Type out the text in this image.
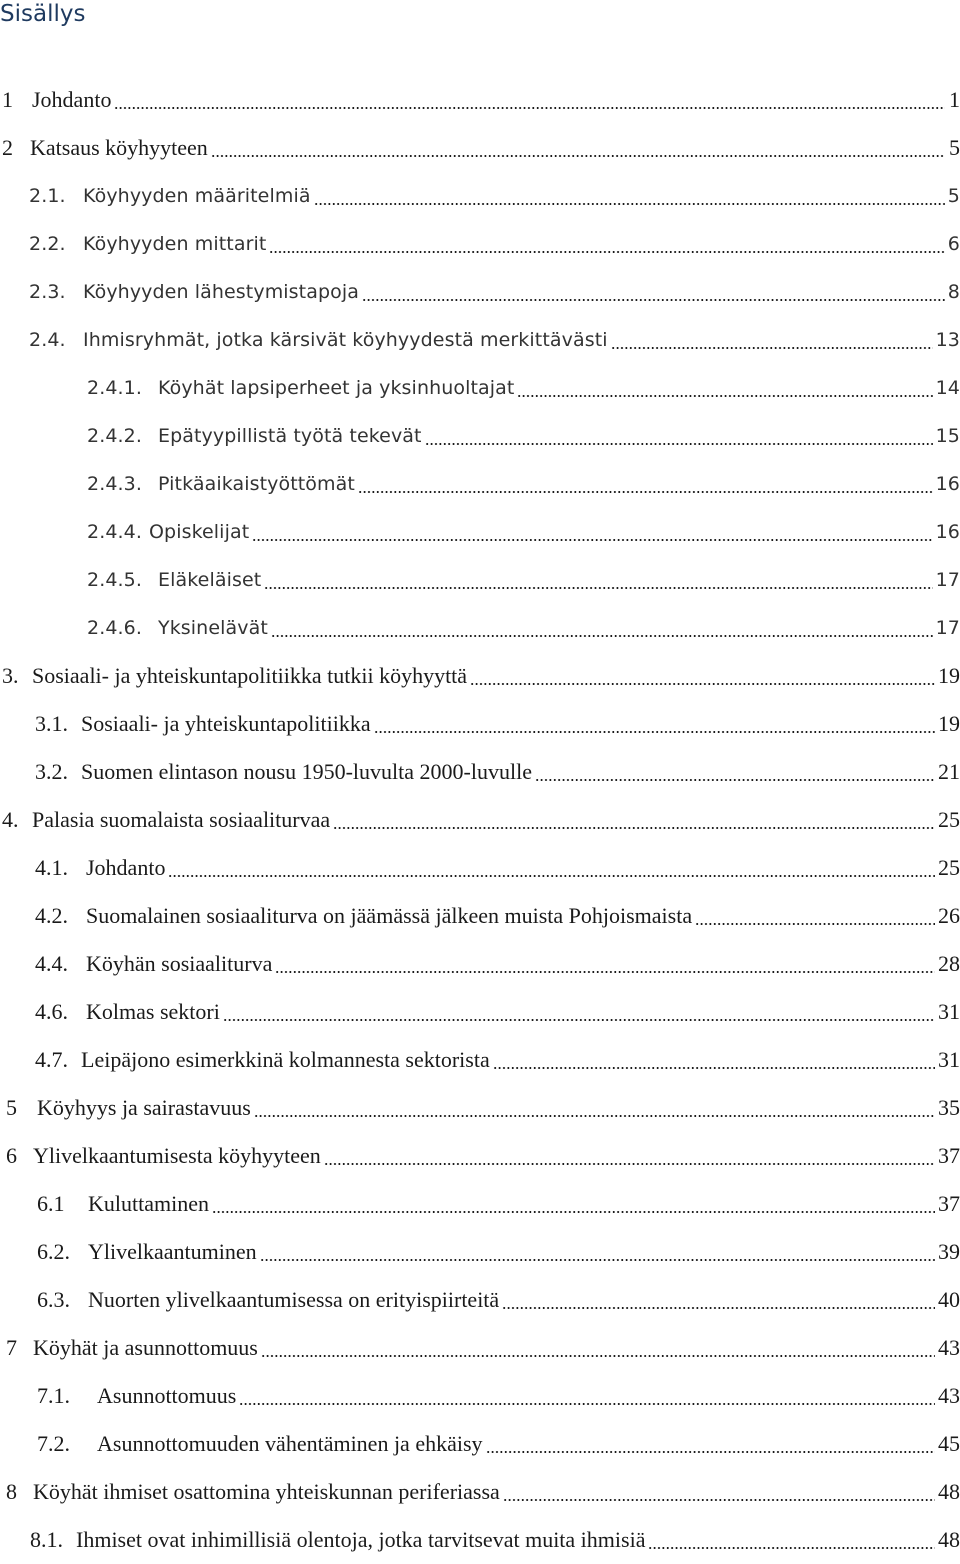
Sisällys
1 Johdanto	1
2 Katsaus köyhyyteen	5
2.1. Köyhyyden määritelmiä	5
2.2. Köyhyyden mittarit	6
2.3. Köyhyyden lähestymistapoja	8
2.4. Ihmisryhmät, jotka kärsivät köyhyydestä merkittävästi	13
2.4.1. Köyhät lapsiperheet ja yksinhuoltajat	14
2.4.2. Epätyypillistä työtä tekevät	15
2.4.3. Pitkäaikaistyöttömät	16
2.4.4. Opiskelijat	16
2.4.5. Eläkeläiset	17
2.4.6. Yksinelävät	17
3. Sosiaali- ja yhteiskuntapolitiikka tutkii köyhyyttä	19
3.1. Sosiaali- ja yhteiskuntapolitiikka	19
3.2. Suomen elintason nousu 1950-luvulta 2000-luvulle	21
4. Palasia suomalaista sosiaaliturvaa	25
4.1. Johdanto	25
4.2. Suomalainen sosiaaliturva on jäämässä jälkeen muista Pohjoismaista	26
4.4. Köyhän sosiaaliturva	28
4.6. Kolmas sektori	31
4.7. Leipäjono esimerkkinä kolmannesta sektorista	31
5 Köyhyys ja sairastavuus	35
6 Ylivelkaantumisesta köyhyyteen	37
6.1	Kuluttaminen	37
6.2. Ylivelkaantuminen	39
6.3. Nuorten ylivelkaantumisessa on erityispiirteitä	40
7 Köyhät ja asunnottomuus	43
7.1.	Asunnottomuus	43
7.2.	Asunnottomuuden vähentäminen ja ehkäisy	45
8 Köyhät ihmiset osattomina yhteiskunnan periferiassa	48
8.1. Ihmiset ovat inhimillisiä olentoja, jotka tarvitsevat muita ihmisiä	48
